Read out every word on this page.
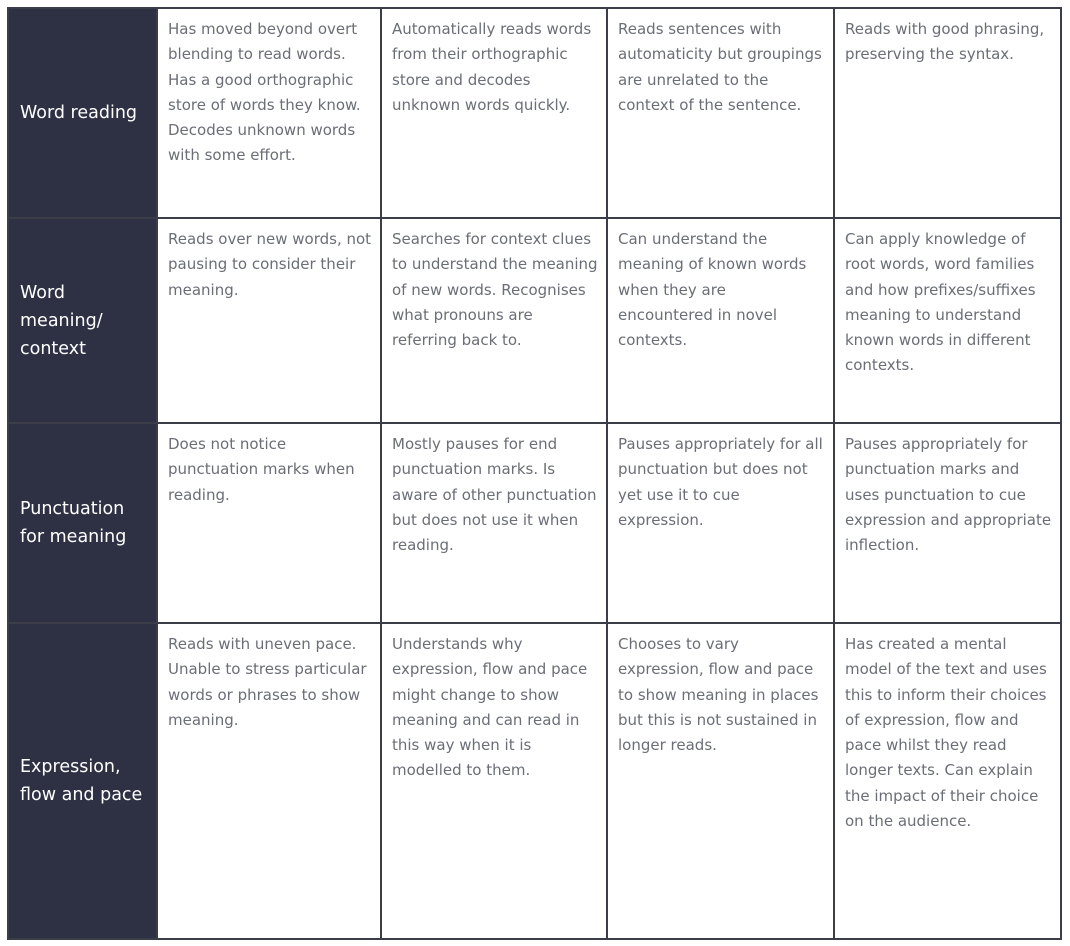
Word reading	Has moved beyond overt blending to read words. Has a good orthographic store of words they know. Decodes unknown words with some effort.	Automatically reads words from their orthographic store and decodes unknown words quickly.	Reads sentences with automaticity but groupings are unrelated to the context of the sentence.	Reads with good phrasing, preserving the syntax.

Word meaning/ context	Reads over new words, not pausing to consider their meaning.	Searches for context clues to understand the meaning of new words. Recognises what pronouns are referring back to.	Can understand the meaning of known words when they are encountered in novel contexts.	Can apply knowledge of root words, word families and how prefixes/suffixes meaning to understand known words in different contexts.

Punctuation for meaning	Does not notice punctuation marks when reading.	Mostly pauses for end punctuation marks. Is aware of other punctuation but does not use it when reading.	Pauses appropriately for all punctuation but does not yet use it to cue expression.	Pauses appropriately for punctuation marks and uses punctuation to cue expression and appropriate inflection.

Expression, flow and pace	Reads with uneven pace. Unable to stress particular words or phrases to show meaning.	Understands why expression, flow and pace might change to show meaning and can read in this way when it is modelled to them.	Chooses to vary expression, flow and pace to show meaning in places but this is not sustained in longer reads.	Has created a mental model of the text and uses this to inform their choices of expression, flow and pace whilst they read longer texts. Can explain the impact of their choice on the audience.
